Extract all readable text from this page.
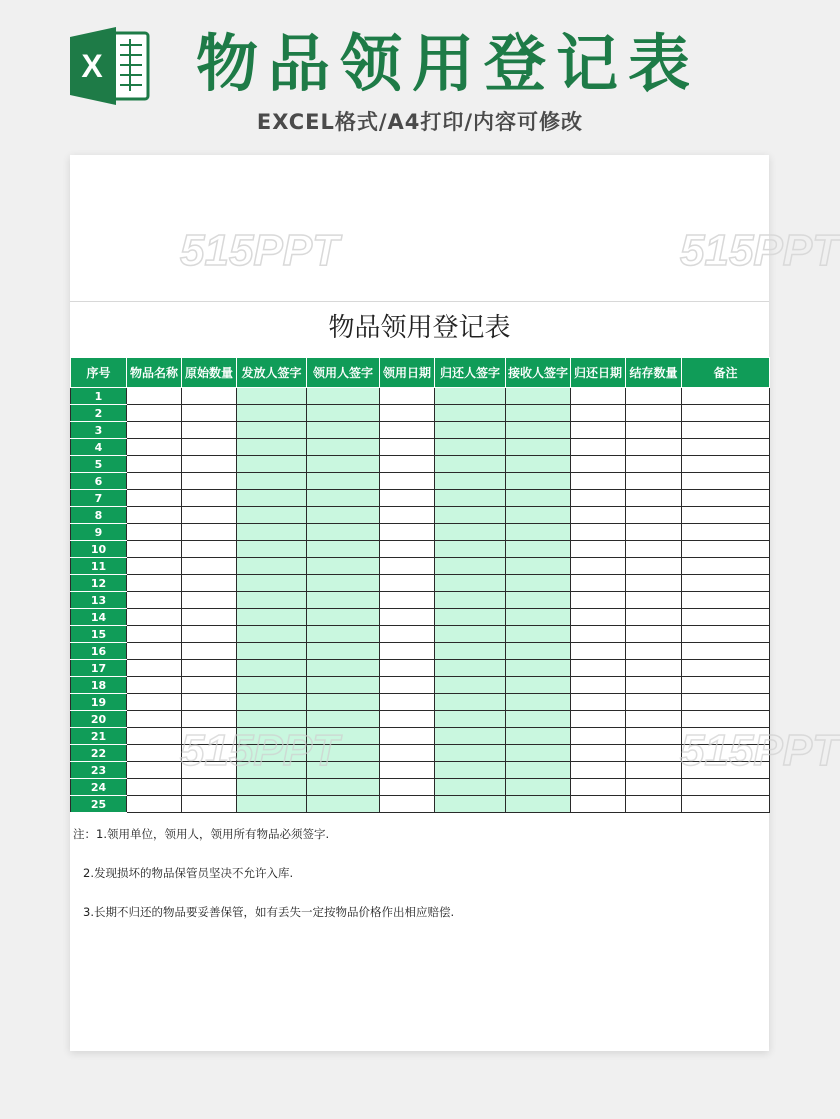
X 物品领用登记表
EXCEL格式/A4打印/内容可修改
515PPT	515PPT
物品领用登记表
序号	物品名称	原始数量	发放人签字	领用人签字	领用日期	归还人签字	接收人签字	归还日期	结存数量	备注
1										
2										
3										
4										
5										
6										
7										
8										
9										
10										
11										
12										
13										
14										
15										
16										
17										
18										
19										
20										
21										
22										
23										
24										
25										
515PPT	515PPT
注：1.领用单位，领用人，领用所有物品必须签字.
2.发现损坏的物品保管员坚决不允许入库.
3.长期不归还的物品要妥善保管，如有丢失一定按物品价格作出相应赔偿.
